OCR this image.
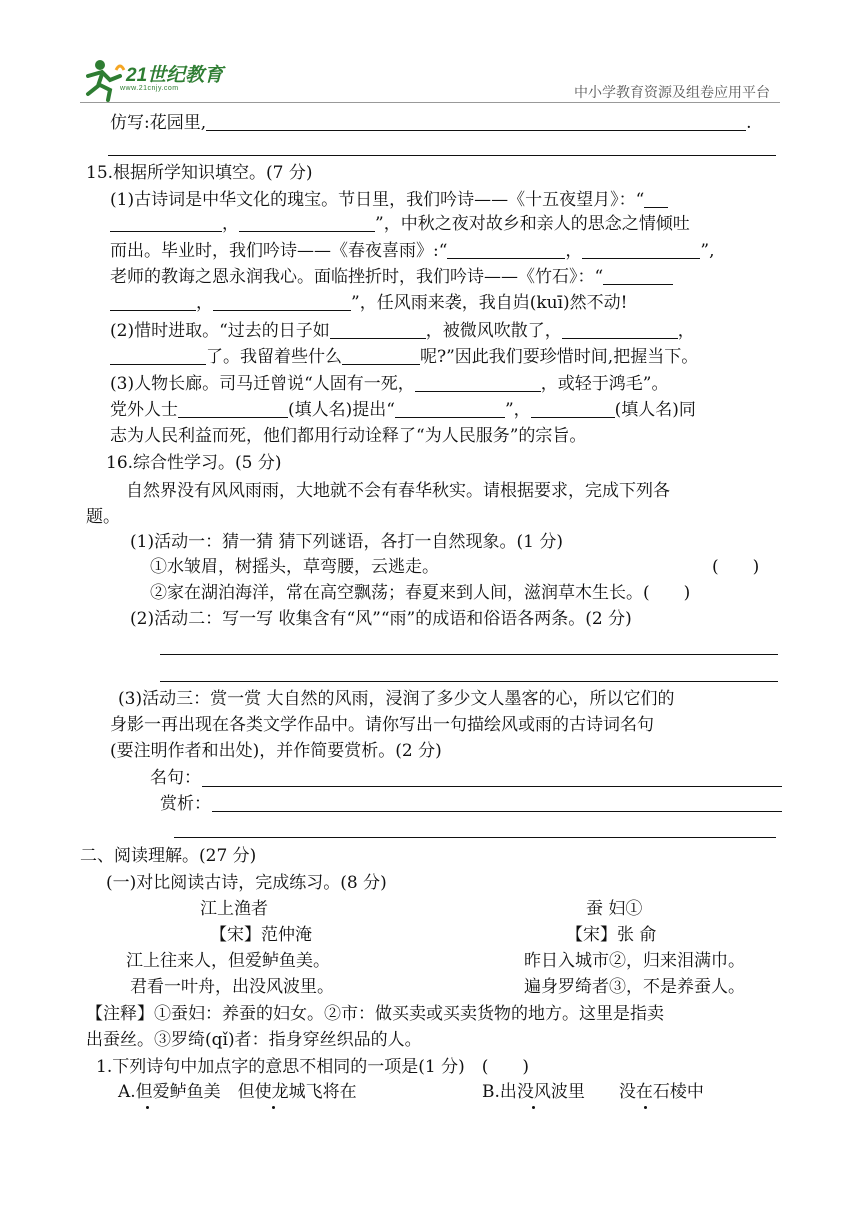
21世纪教育
www.21cnjy.com	中小学教育资源及组卷应用平台
仿写:花园里,	.
15.根据所学知识填空。(7 分)
(1)古诗词是中华文化的瑰宝。节日里，我们吟诗——《十五夜望月》：“
，	”，中秋之夜对故乡和亲人的思念之情倾吐
而出。毕业时，我们吟诗——《春夜喜雨》:“	，	”,
老师的教诲之恩永润我心。面临挫折时，我们吟诗——《竹石》：“
，	”，任风雨来袭，我自岿(kuī)然不动!
(2)惜时进取。“过去的日子如	，被微风吹散了，	，
了。我留着些什么	呢?”因此我们要珍惜时间,把握当下。
(3)人物长廊。司马迁曾说“人固有一死，	，或轻于鸿毛”。
党外人士	(填人名)提出“	”，	(填人名)同
志为人民利益而死，他们都用行动诠释了“为人民服务”的宗旨。
16.综合性学习。(5 分)
自然界没有风风雨雨，大地就不会有春华秋实。请根据要求，完成下列各
题。
(1)活动一：猜一猜 猜下列谜语，各打一自然现象。(1 分)
①水皱眉，树摇头，草弯腰，云逃走。	(　　)
②家在湖泊海洋，常在高空飘荡；春夏来到人间，滋润草木生长。(　　)
(2)活动二：写一写 收集含有“风”“雨”的成语和俗语各两条。(2 分)
(3)活动三：赏一赏 大自然的风雨，浸润了多少文人墨客的心，所以它们的
身影一再出现在各类文学作品中。请你写出一句描绘风或雨的古诗词名句
(要注明作者和出处)，并作简要赏析。(2 分)
名句：
赏析：
二、阅读理解。(27 分)
(一)对比阅读古诗，完成练习。(8 分)
江上渔者
【宋】范仲淹
江上往来人，但爱鲈鱼美。
君看一叶舟，出没风波里。
蚕 妇①
【宋】张 俞
昨日入城市②，归来泪满巾。
遍身罗绮者③，不是养蚕人。
【注释】①蚕妇：养蚕的妇女。②市：做买卖或买卖货物的地方。这里是指卖
出蚕丝。③罗绮(qǐ)者：指身穿丝织品的人。
1.下列诗句中加点字的意思不相同的一项是(1 分)　(　　)
A.但爱鲈鱼美　但使龙城飞将在	B.出没风波里　　没在石棱中
